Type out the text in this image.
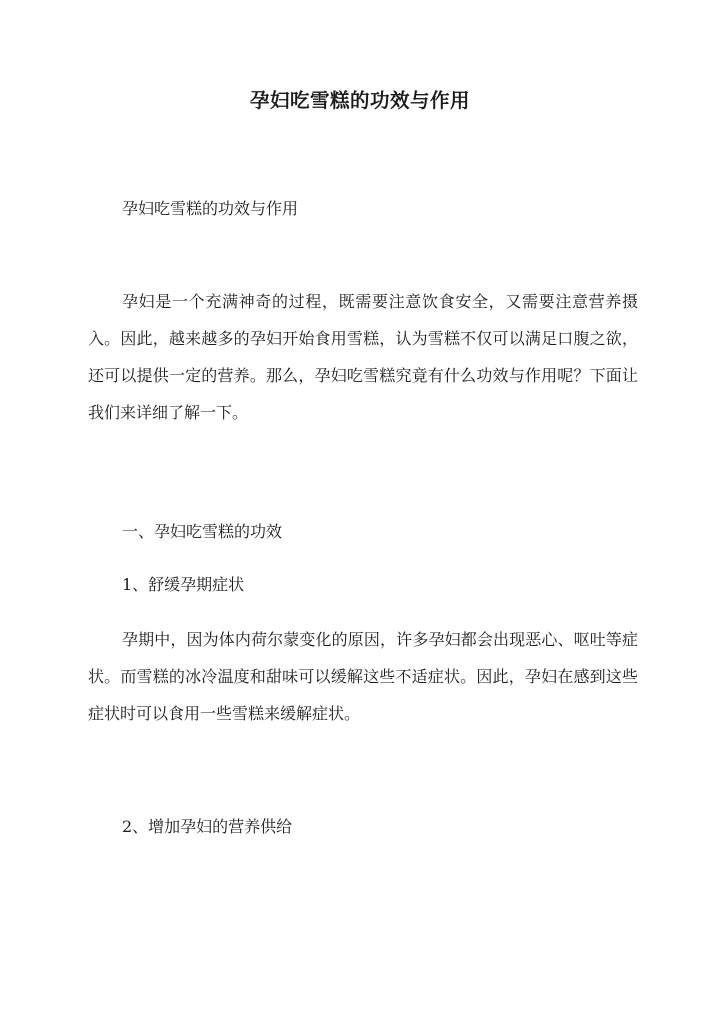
孕妇吃雪糕的功效与作用

孕妇吃雪糕的功效与作用

孕妇是一个充满神奇的过程，既需要注意饮食安全，又需要注意营养摄入。因此，越来越多的孕妇开始食用雪糕，认为雪糕不仅可以满足口腹之欲，还可以提供一定的营养。那么，孕妇吃雪糕究竟有什么功效与作用呢？下面让我们来详细了解一下。

一、孕妇吃雪糕的功效

1、舒缓孕期症状

孕期中，因为体内荷尔蒙变化的原因，许多孕妇都会出现恶心、呕吐等症状。而雪糕的冰冷温度和甜味可以缓解这些不适症状。因此，孕妇在感到这些症状时可以食用一些雪糕来缓解症状。

2、增加孕妇的营养供给
